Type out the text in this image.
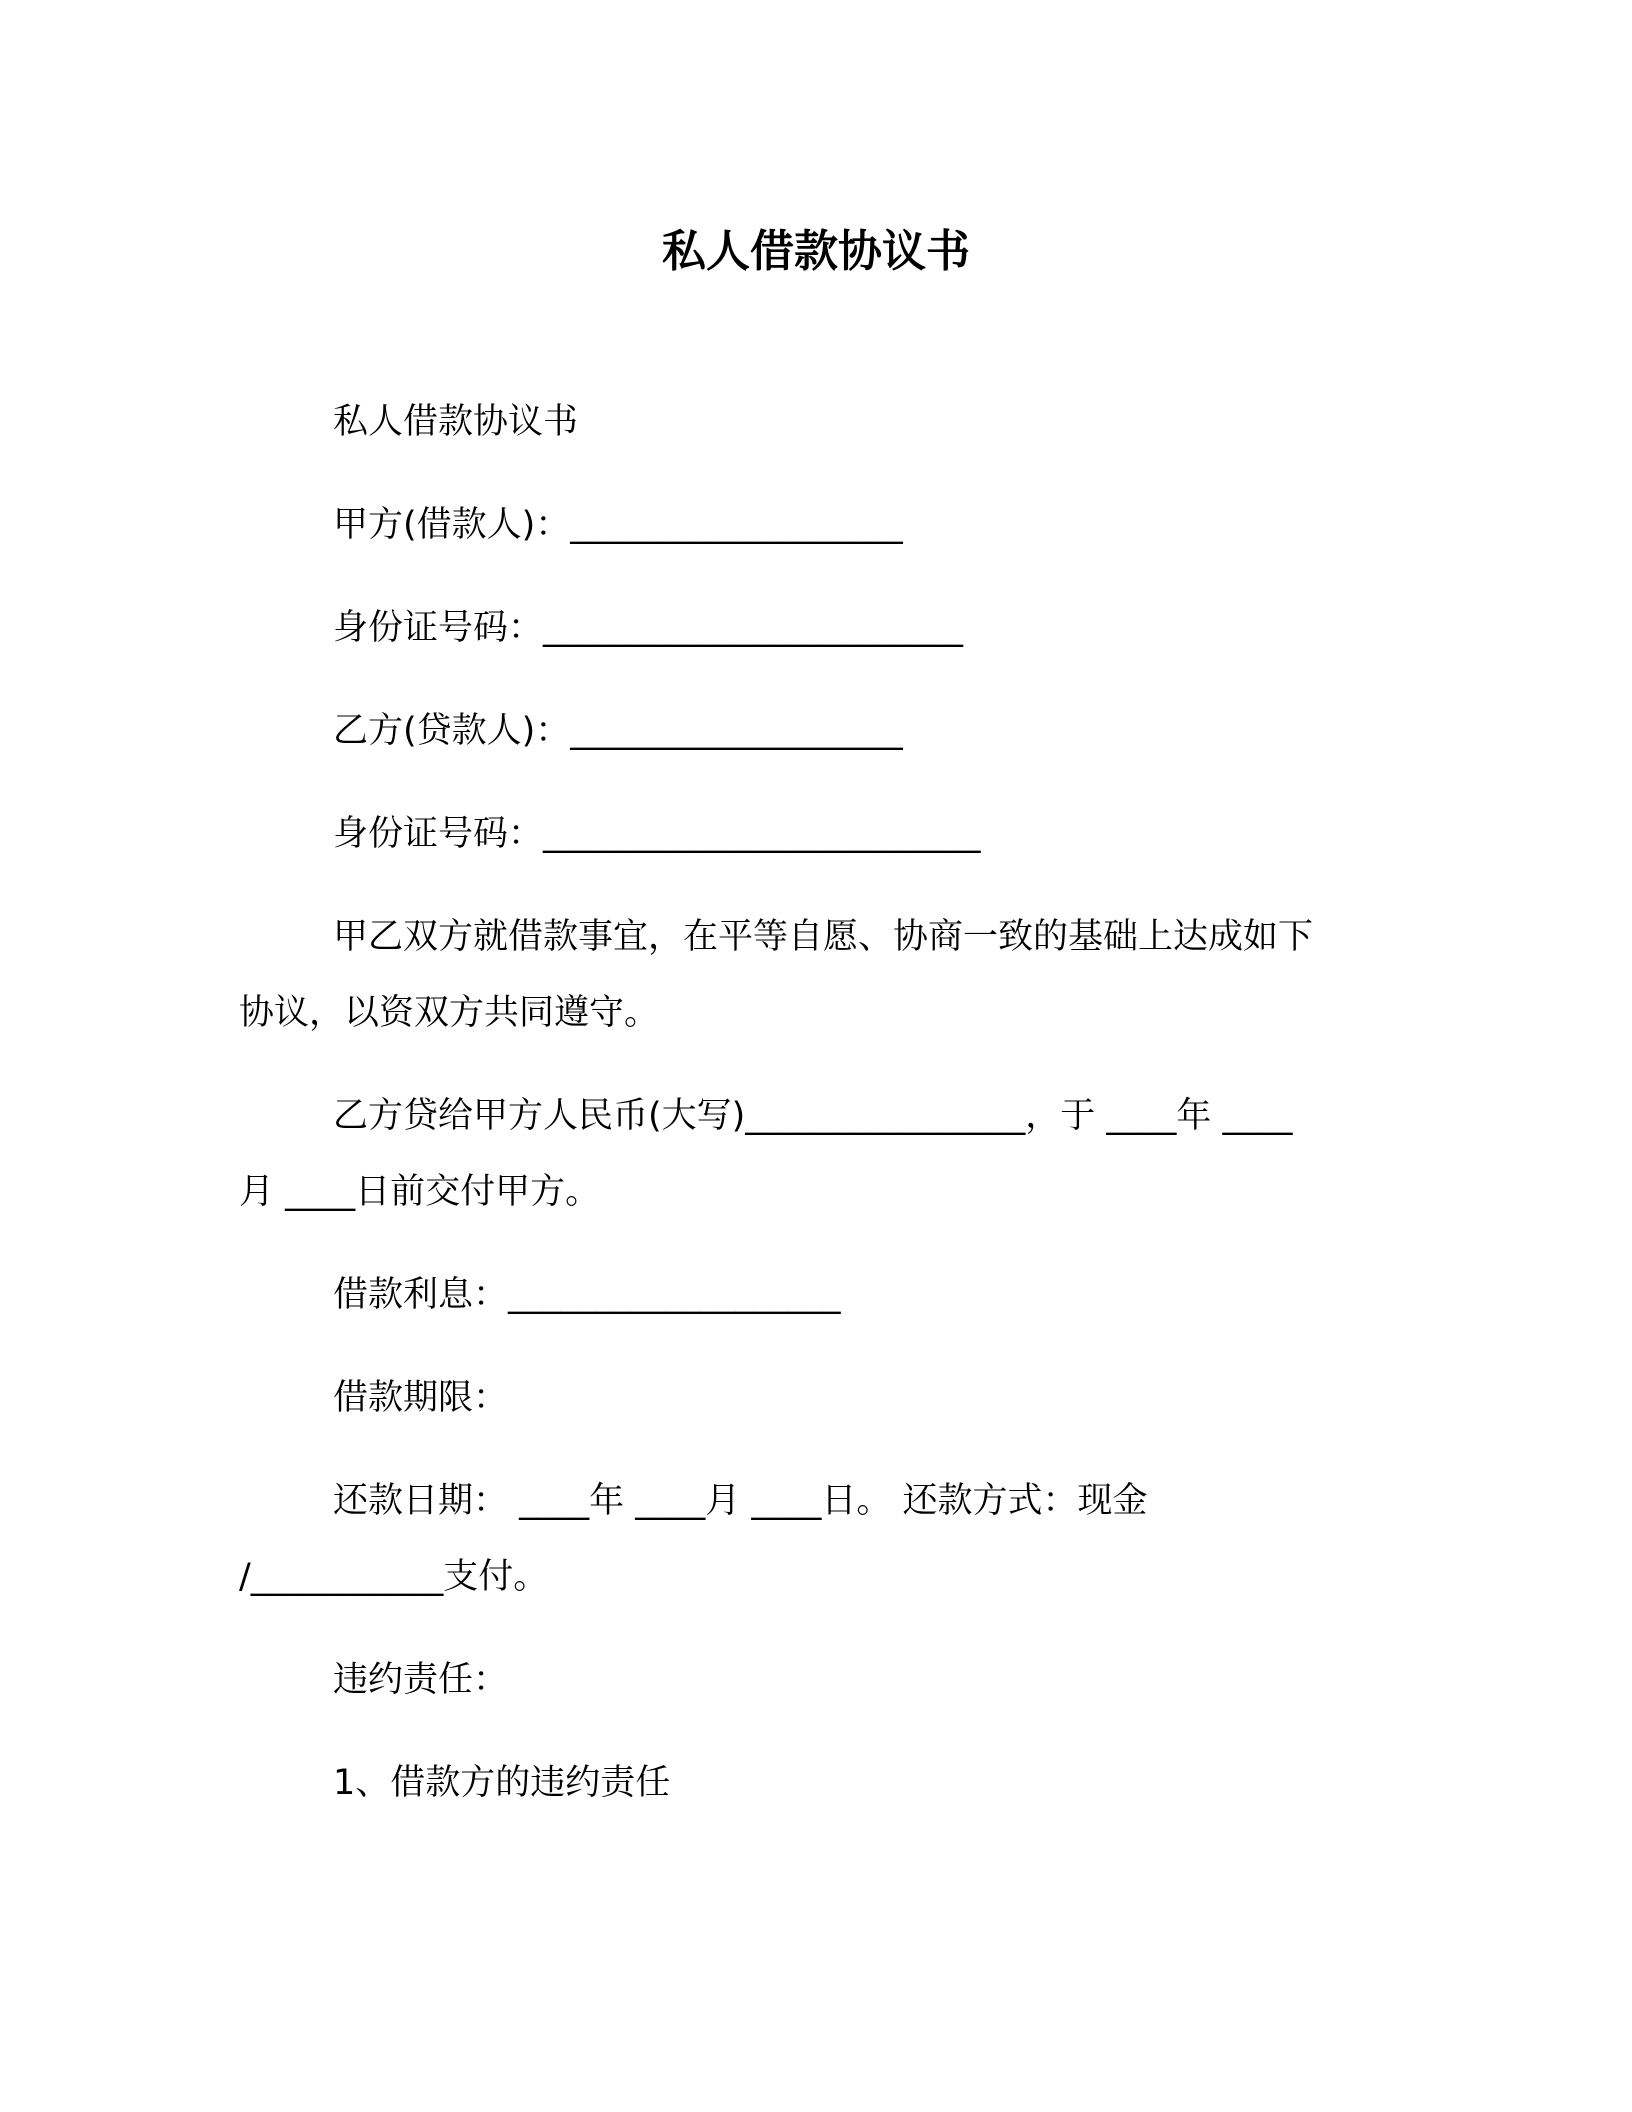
私人借款协议书
私人借款协议书
甲方(借款人)：___________________
身份证号码：________________________
乙方(贷款人)：___________________
身份证号码：_________________________
甲乙双方就借款事宜，在平等自愿、协商一致的基础上达成如下
协议，以资双方共同遵守。
乙方贷给甲方人民币(大写)________________，于 ____年 ____
月 ____日前交付甲方。
借款利息：___________________
借款期限：
还款日期： ____年 ____月 ____日。 还款方式：现金
/___________支付。
违约责任：
1、借款方的违约责任
